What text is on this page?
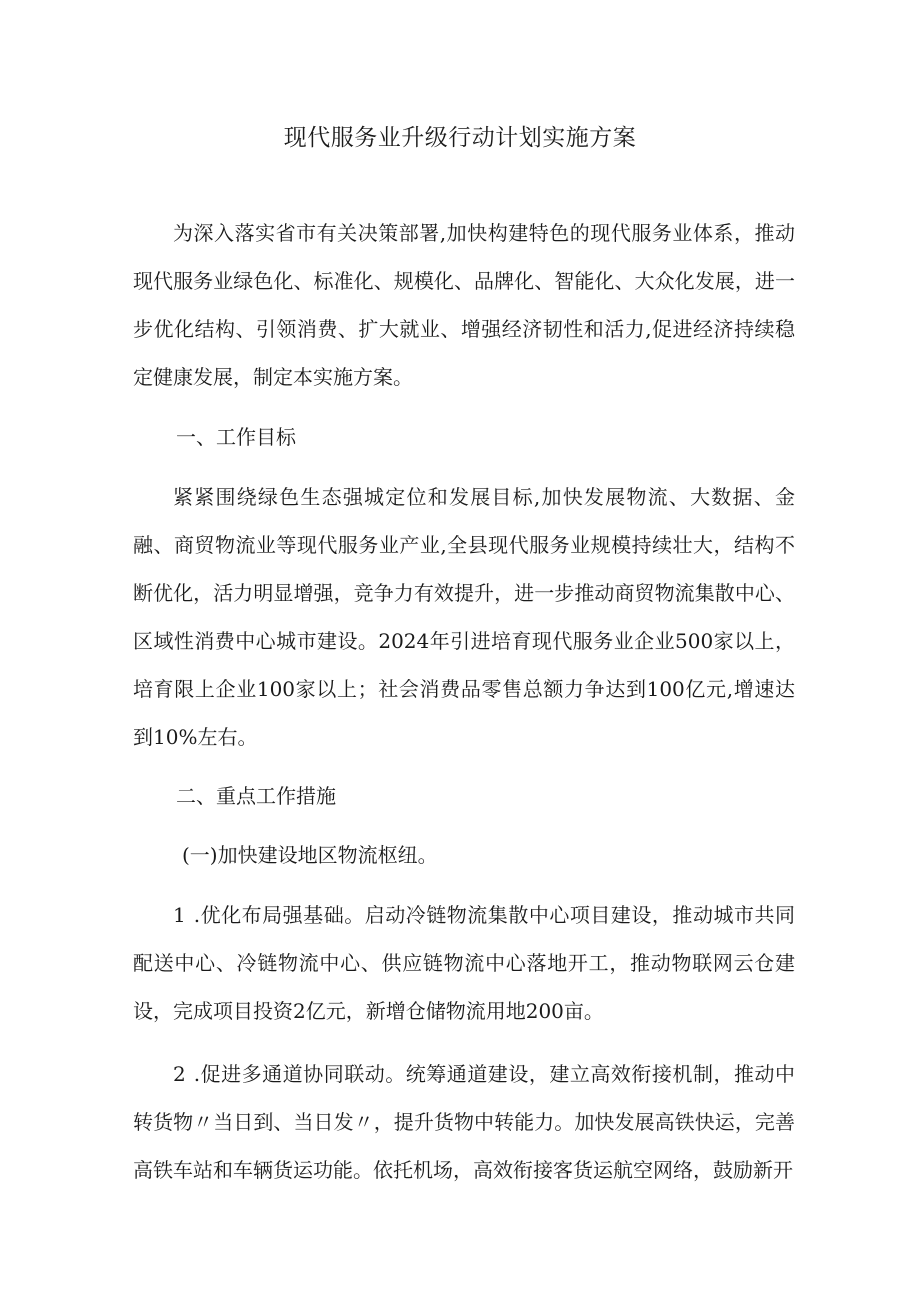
现代服务业升级行动计划实施方案

为深入落实省市有关决策部署,加快构建特色的现代服务业体系，推动现代服务业绿色化、标准化、规模化、品牌化、智能化、大众化发展，进一步优化结构、引领消费、扩大就业、增强经济韧性和活力,促进经济持续稳定健康发展，制定本实施方案。

一、工作目标

紧紧围绕绿色生态强城定位和发展目标,加快发展物流、大数据、金融、商贸物流业等现代服务业产业,全县现代服务业规模持续壮大，结构不断优化，活力明显增强，竞争力有效提升，进一步推动商贸物流集散中心、区域性消费中心城市建设。2024年引进培育现代服务业企业500家以上，培育限上企业100家以上；社会消费品零售总额力争达到100亿元,增速达到10%左右。

二、重点工作措施

(一)加快建设地区物流枢纽。

1 .优化布局强基础。启动冷链物流集散中心项目建设，推动城市共同配送中心、冷链物流中心、供应链物流中心落地开工，推动物联网云仓建设，完成项目投资2亿元，新增仓储物流用地200亩。

2 .促进多通道协同联动。统筹通道建设，建立高效衔接机制，推动中转货物〃当日到、当日发〃，提升货物中转能力。加快发展高铁快运，完善高铁车站和车辆货运功能。依托机场，高效衔接客货运航空网络，鼓励新开
